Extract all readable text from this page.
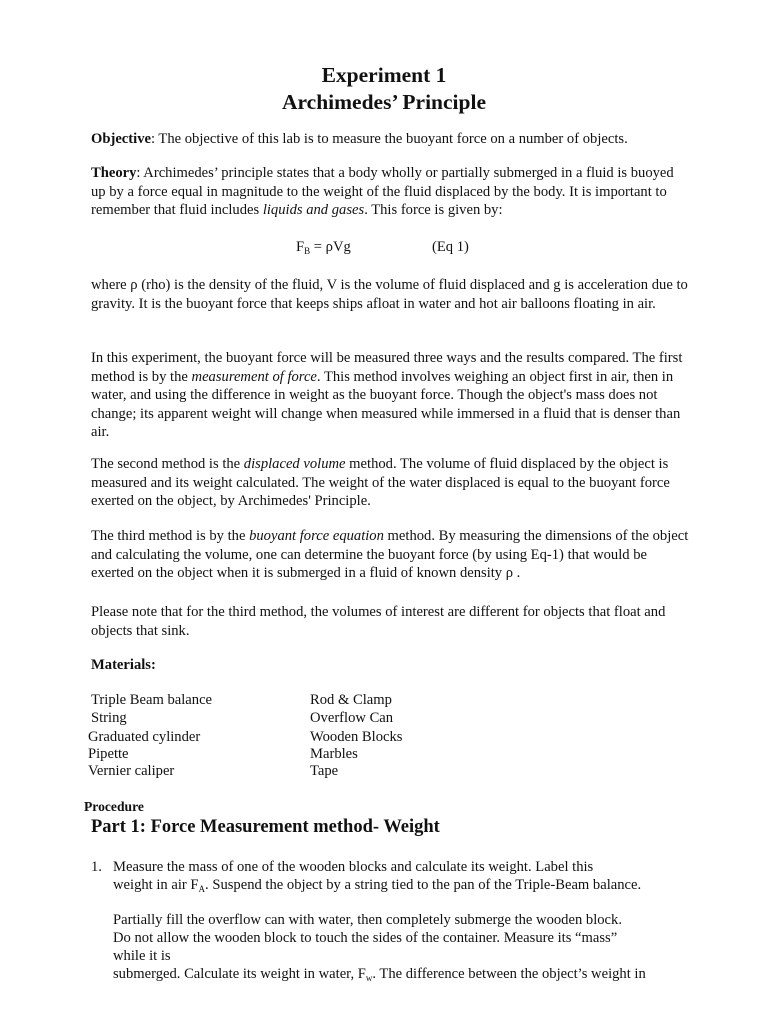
Experiment 1
Archimedes’ Principle

Objective: The objective of this lab is to measure the buoyant force on a number of objects.

Theory: Archimedes’ principle states that a body wholly or partially submerged in a fluid is buoyed up by a force equal in magnitude to the weight of the fluid displaced by the body. It is important to remember that fluid includes liquids and gases. This force is given by:

$F_B = \rho Vg$	(Eq 1)

where ρ (rho) is the density of the fluid, V is the volume of fluid displaced and g is acceleration due to gravity. It is the buoyant force that keeps ships afloat in water and hot air balloons floating in air.

In this experiment, the buoyant force will be measured three ways and the results compared. The first method is by the measurement of force. This method involves weighing an object first in air, then in water, and using the difference in weight as the buoyant force. Though the object's mass does not change; its apparent weight will change when measured while immersed in a fluid that is denser than air.

The second method is the displaced volume method. The volume of fluid displaced by the object is measured and its weight calculated. The weight of the water displaced is equal to the buoyant force exerted on the object, by Archimedes' Principle.

The third method is by the buoyant force equation method. By measuring the dimensions of the object and calculating the volume, one can determine the buoyant force (by using Eq-1) that would be exerted on the object when it is submerged in a fluid of known density ρ .

Please note that for the third method, the volumes of interest are different for objects that float and objects that sink.

Materials:
Triple Beam balance
String
Graduated cylinder
Pipette
Vernier caliper
Rod & Clamp
Overflow Can
Wooden Blocks
Marbles
Tape
Procedure
Part 1: Force Measurement method- Weight
1. Measure the mass of one of the wooden blocks and calculate its weight. Label this
weight in air $F_A$. Suspend the object by a string tied to the pan of the Triple-Beam balance.
Partially fill the overflow can with water, then completely submerge the wooden block.
Do not allow the wooden block to touch the sides of the container. Measure its “mass”
while it is
submerged. Calculate its weight in water, $F_w$. The difference between the object’s weight in
